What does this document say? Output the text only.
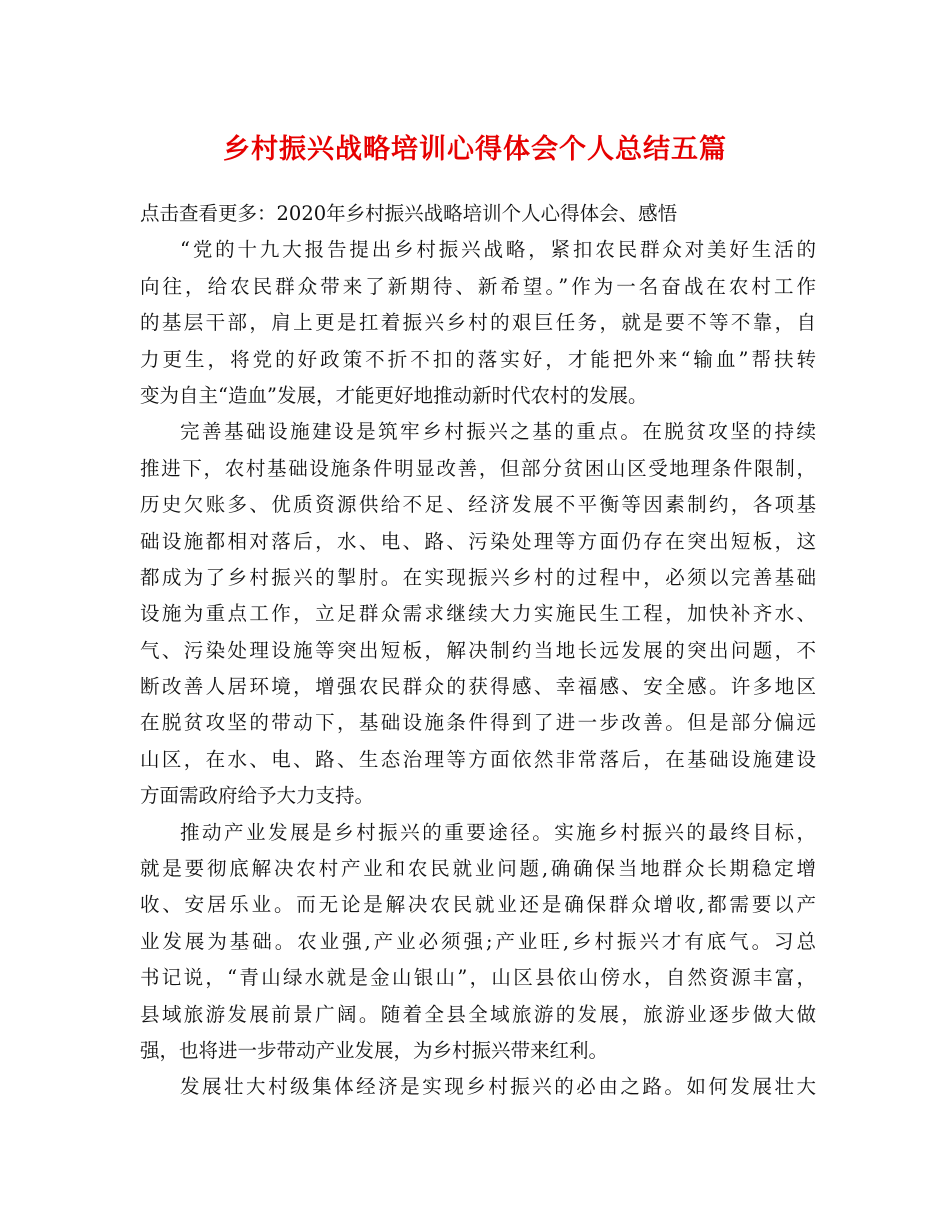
乡村振兴战略培训心得体会个人总结五篇
点击查看更多：2020年乡村振兴战略培训个人心得体会、感悟
“党的十九大报告提出乡村振兴战略，紧扣农民群众对美好生活的
向往，给农民群众带来了新期待、新希望。”作为一名奋战在农村工作
的基层干部，肩上更是扛着振兴乡村的艰巨任务，就是要不等不靠，自
力更生，将党的好政策不折不扣的落实好，才能把外来“输血”帮扶转
变为自主“造血”发展，才能更好地推动新时代农村的发展。
完善基础设施建设是筑牢乡村振兴之基的重点。在脱贫攻坚的持续
推进下，农村基础设施条件明显改善，但部分贫困山区受地理条件限制，
历史欠账多、优质资源供给不足、经济发展不平衡等因素制约，各项基
础设施都相对落后，水、电、路、污染处理等方面仍存在突出短板，这
都成为了乡村振兴的掣肘。在实现振兴乡村的过程中，必须以完善基础
设施为重点工作，立足群众需求继续大力实施民生工程，加快补齐水、
气、污染处理设施等突出短板，解决制约当地长远发展的突出问题，不
断改善人居环境，增强农民群众的获得感、幸福感、安全感。许多地区
在脱贫攻坚的带动下，基础设施条件得到了进一步改善。但是部分偏远
山区，在水、电、路、生态治理等方面依然非常落后，在基础设施建设
方面需政府给予大力支持。
推动产业发展是乡村振兴的重要途径。实施乡村振兴的最终目标，
就是要彻底解决农村产业和农民就业问题,确确保当地群众长期稳定增
收、安居乐业。而无论是解决农民就业还是确保群众增收,都需要以产
业发展为基础。农业强,产业必须强;产业旺,乡村振兴才有底气。习总
书记说，“青山绿水就是金山银山”，山区县依山傍水，自然资源丰富，
县域旅游发展前景广阔。随着全县全域旅游的发展，旅游业逐步做大做
强，也将进一步带动产业发展，为乡村振兴带来红利。
发展壮大村级集体经济是实现乡村振兴的必由之路。如何发展壮大
